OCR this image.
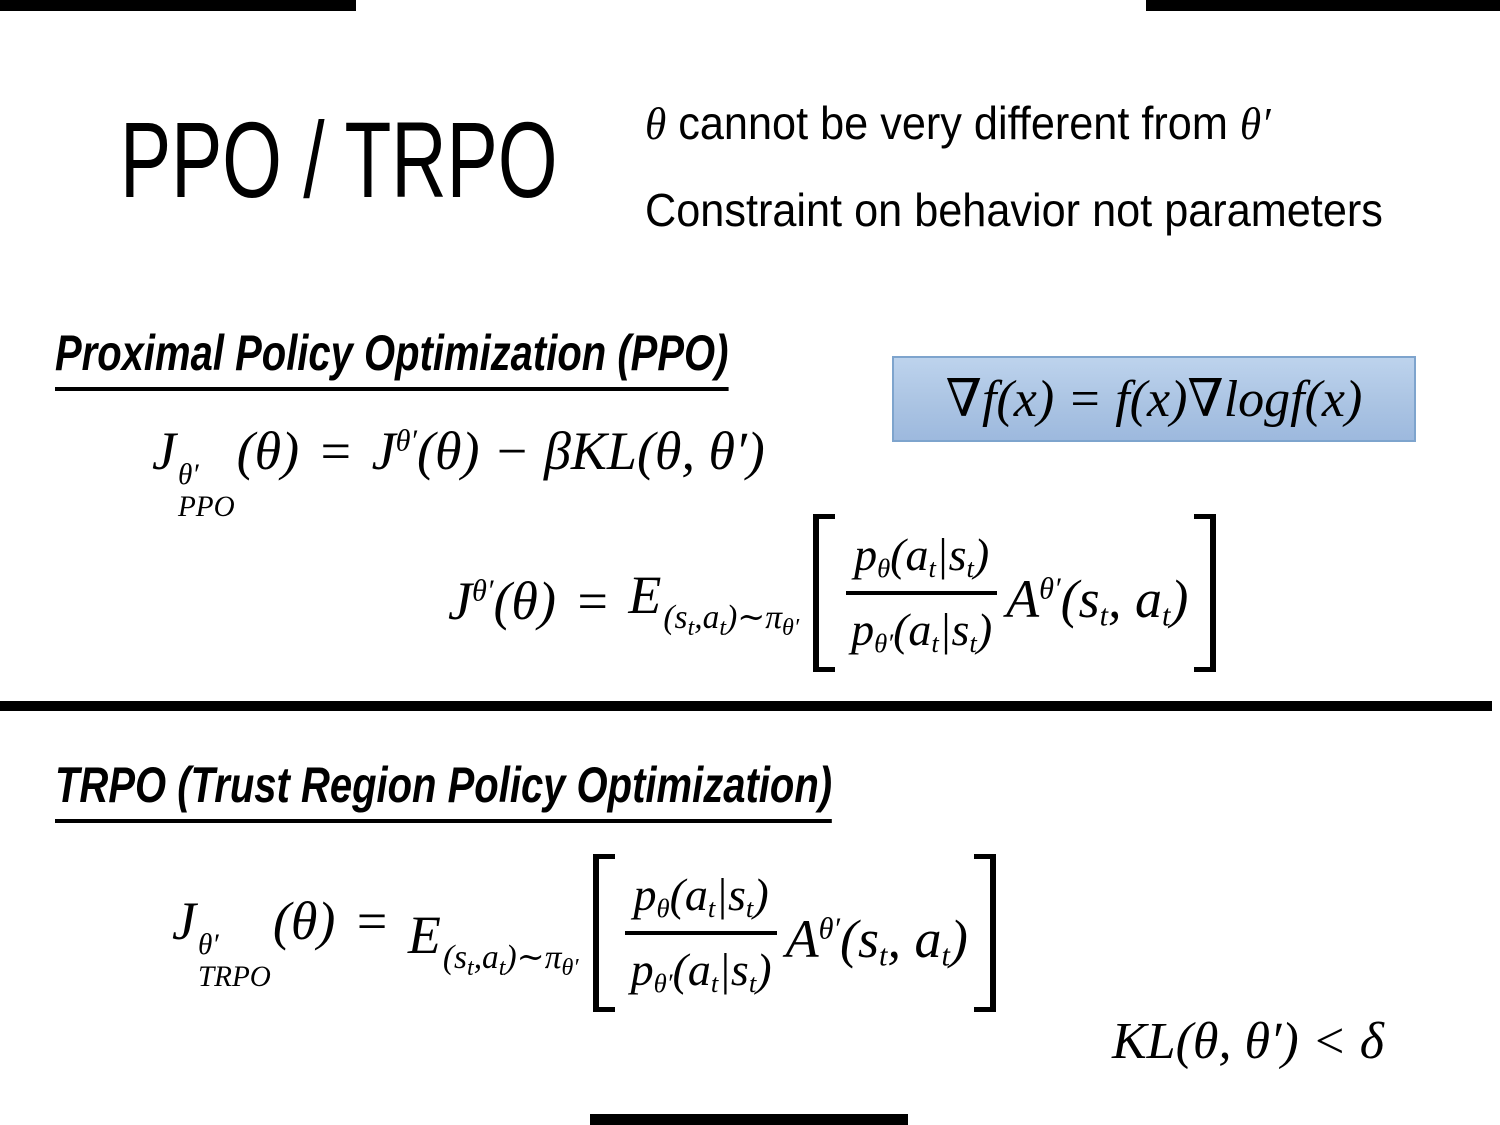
PPO / TRPO θ cannot be very different from θ′
Constraint on behavior not parameters
Proximal Policy Optimization (PPO)
∇f(x) = f(x)∇logf(x)
J θ′
PPO
$(\theta) = J^{\theta'}(\theta) - \beta KL(\theta$, θ′)
$J^{\theta'}(\theta) = E_{(s_t,a_t)\sim\pi_{\theta'}} \frac{p\theta(at|st)}{p\theta'(at|st)} A^{\theta'}(st$, at)
TRPO (Trust Region Policy Optimization)
J θ′
TRPO
$(\theta) = E_{(s_t,a_t)\sim\pi_{\theta'}} \frac{p\theta(at|st)}{p\theta'(at|st)} A^{\theta'}(st$, at)
KL(θ, θ′) < δ
